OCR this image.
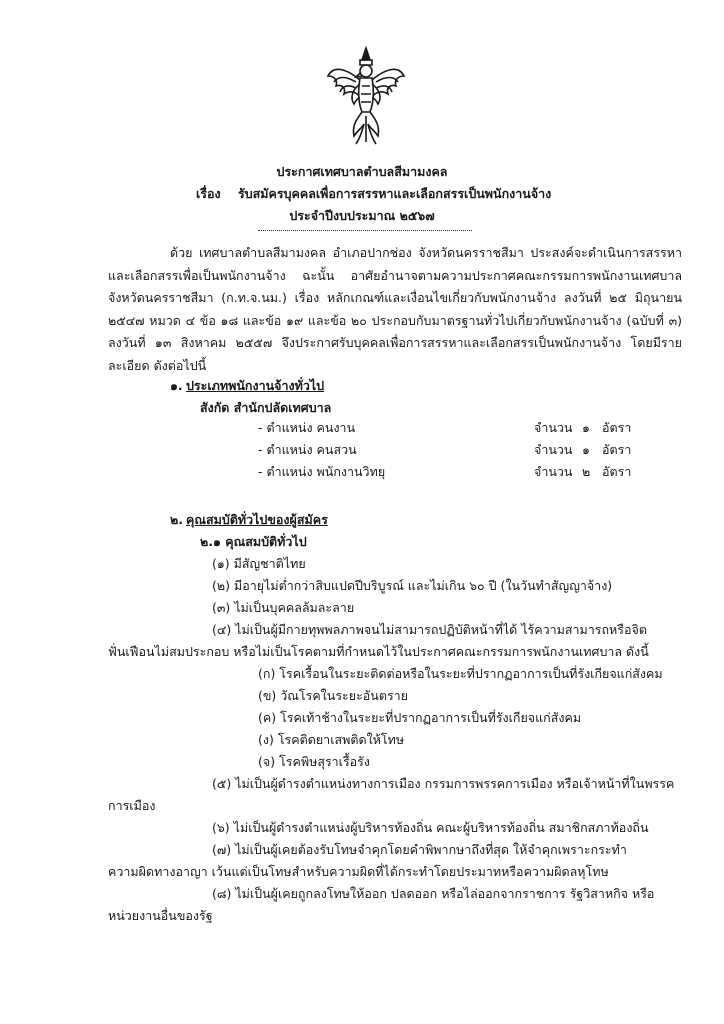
ประกาศเทศบาลตำบลสีมามงคล
เรื่อง รับสมัครบุคคลเพื่อการสรรหาและเลือกสรรเป็นพนักงานจ้าง
ประจำปีงบประมาณ ๒๕๖๗
ด้วย เทศบาลตำบลสีมามงคล อำเภอปากช่อง จังหวัดนครราชสีมา ประสงค์จะดำเนินการสรรหาและเลือกสรรเพื่อเป็นพนักงานจ้าง ฉะนั้น อาศัยอำนาจตามความประกาศคณะกรรมการพนักงานเทศบาลจังหวัดนครราชสีมา (ก.ท.จ.นม.) เรื่อง หลักเกณฑ์และเงื่อนไขเกี่ยวกับพนักงานจ้าง ลงวันที่ ๒๕ มิถุนายน ๒๕๔๗ หมวด ๔ ข้อ ๑๘ และข้อ ๑๙ และข้อ ๒๐ ประกอบกับมาตรฐานทั่วไปเกี่ยวกับพนักงานจ้าง (ฉบับที่ ๓) ลงวันที่ ๑๓ สิงหาคม ๒๕๕๗ จึงประกาศรับบุคคลเพื่อการสรรหาและเลือกสรรเป็นพนักงานจ้าง โดยมีรายละเอียด ดังต่อไปนี้
๑. ประเภทพนักงานจ้างทั่วไป
สังกัด สำนักปลัดเทศบาล
- ตำแหน่ง คนงาน	จำนวน ๑ อัตรา
- ตำแหน่ง คนสวน	จำนวน ๑ อัตรา
- ตำแหน่ง พนักงานวิทยุ	จำนวน ๒ อัตรา
๒. คุณสมบัติทั่วไปของผู้สมัคร
๒.๑ คุณสมบัติทั่วไป
(๑) มีสัญชาติไทย
(๒) มีอายุไม่ต่ำกว่าสิบแปดปีบริบูรณ์ และไม่เกิน ๖๐ ปี (ในวันทำสัญญาจ้าง)
(๓) ไม่เป็นบุคคลล้มละลาย
(๔) ไม่เป็นผู้มีกายทุพพลภาพจนไม่สามารถปฏิบัติหน้าที่ได้ ไร้ความสามารถหรือจิต
ฟั่นเฟือนไม่สมประกอบ หรือไม่เป็นโรคตามที่กำหนดไว้ในประกาศคณะกรรมการพนักงานเทศบาล ดังนี้
(ก) โรคเรื้อนในระยะติดต่อหรือในระยะที่ปรากฏอาการเป็นที่รังเกียจแก่สังคม
(ข) วัณโรคในระยะอันตราย
(ค) โรคเท้าช้างในระยะที่ปรากฏอาการเป็นที่รังเกียจแก่สังคม
(ง) โรคติดยาเสพติดให้โทษ
(จ) โรคพิษสุราเรื้อรัง
(๕) ไม่เป็นผู้ดำรงตำแหน่งทางการเมือง กรรมการพรรคการเมือง หรือเจ้าหน้าที่ในพรรค
การเมือง
(๖) ไม่เป็นผู้ดำรงตำแหน่งผู้บริหารท้องถิ่น คณะผู้บริหารท้องถิ่น สมาชิกสภาท้องถิ่น
(๗) ไม่เป็นผู้เคยต้องรับโทษจำคุกโดยคำพิพากษาถึงที่สุด ให้จำคุกเพราะกระทำ
ความผิดทางอาญา เว้นแต่เป็นโทษสำหรับความผิดที่ได้กระทำโดยประมาทหรือความผิดลหุโทษ
(๘) ไม่เป็นผู้เคยถูกลงโทษให้ออก ปลดออก หรือไล่ออกจากราชการ รัฐวิสาหกิจ หรือ
หน่วยงานอื่นของรัฐ
